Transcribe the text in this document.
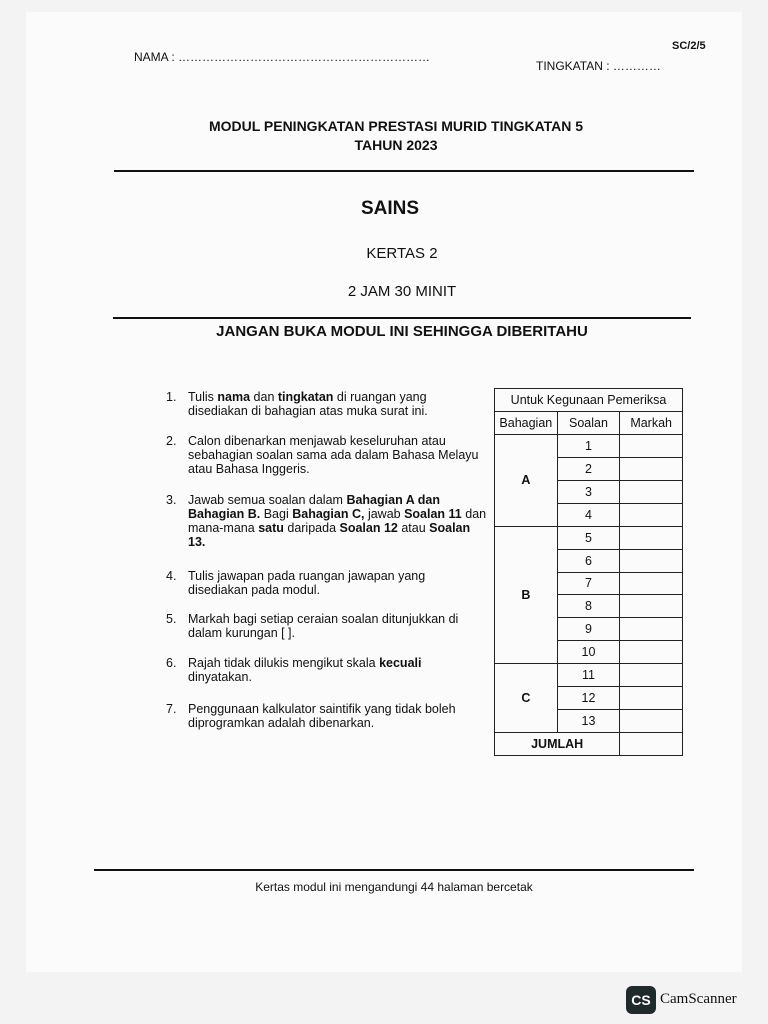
NAMA : ………………………………………………………
SC/2/5
TINGKATAN : …………
MODUL PENINGKATAN PRESTASI MURID TINGKATAN 5
TAHUN 2023
SAINS
KERTAS 2
2 JAM 30 MINIT
JANGAN BUKA MODUL INI SEHINGGA DIBERITAHU
1. Tulis nama dan tingkatan di ruangan yang disediakan di bahagian atas muka surat ini.
2. Calon dibenarkan menjawab keseluruhan atau sebahagian soalan sama ada dalam Bahasa Melayu atau Bahasa Inggeris.
3. Jawab semua soalan dalam Bahagian A dan Bahagian B. Bagi Bahagian C, jawab Soalan 11 dan mana-mana satu daripada Soalan 12 atau Soalan 13.
4. Tulis jawapan pada ruangan jawapan yang disediakan pada modul.
5. Markah bagi setiap ceraian soalan ditunjukkan di dalam kurungan [ ].
6. Rajah tidak dilukis mengikut skala kecuali dinyatakan.
7. Penggunaan kalkulator saintifik yang tidak boleh diprogramkan adalah dibenarkan.
Untuk Kegunaan Pemeriksa		
Bahagian	Soalan	Markah
A	1	
	2	
	3	
	4	
B	5	
	6	
	7	
	8	
	9	
	10	
C	11	
	12	
	13	
JUMLAH		
Kertas modul ini mengandungi 44 halaman bercetak
CS CamScanner
